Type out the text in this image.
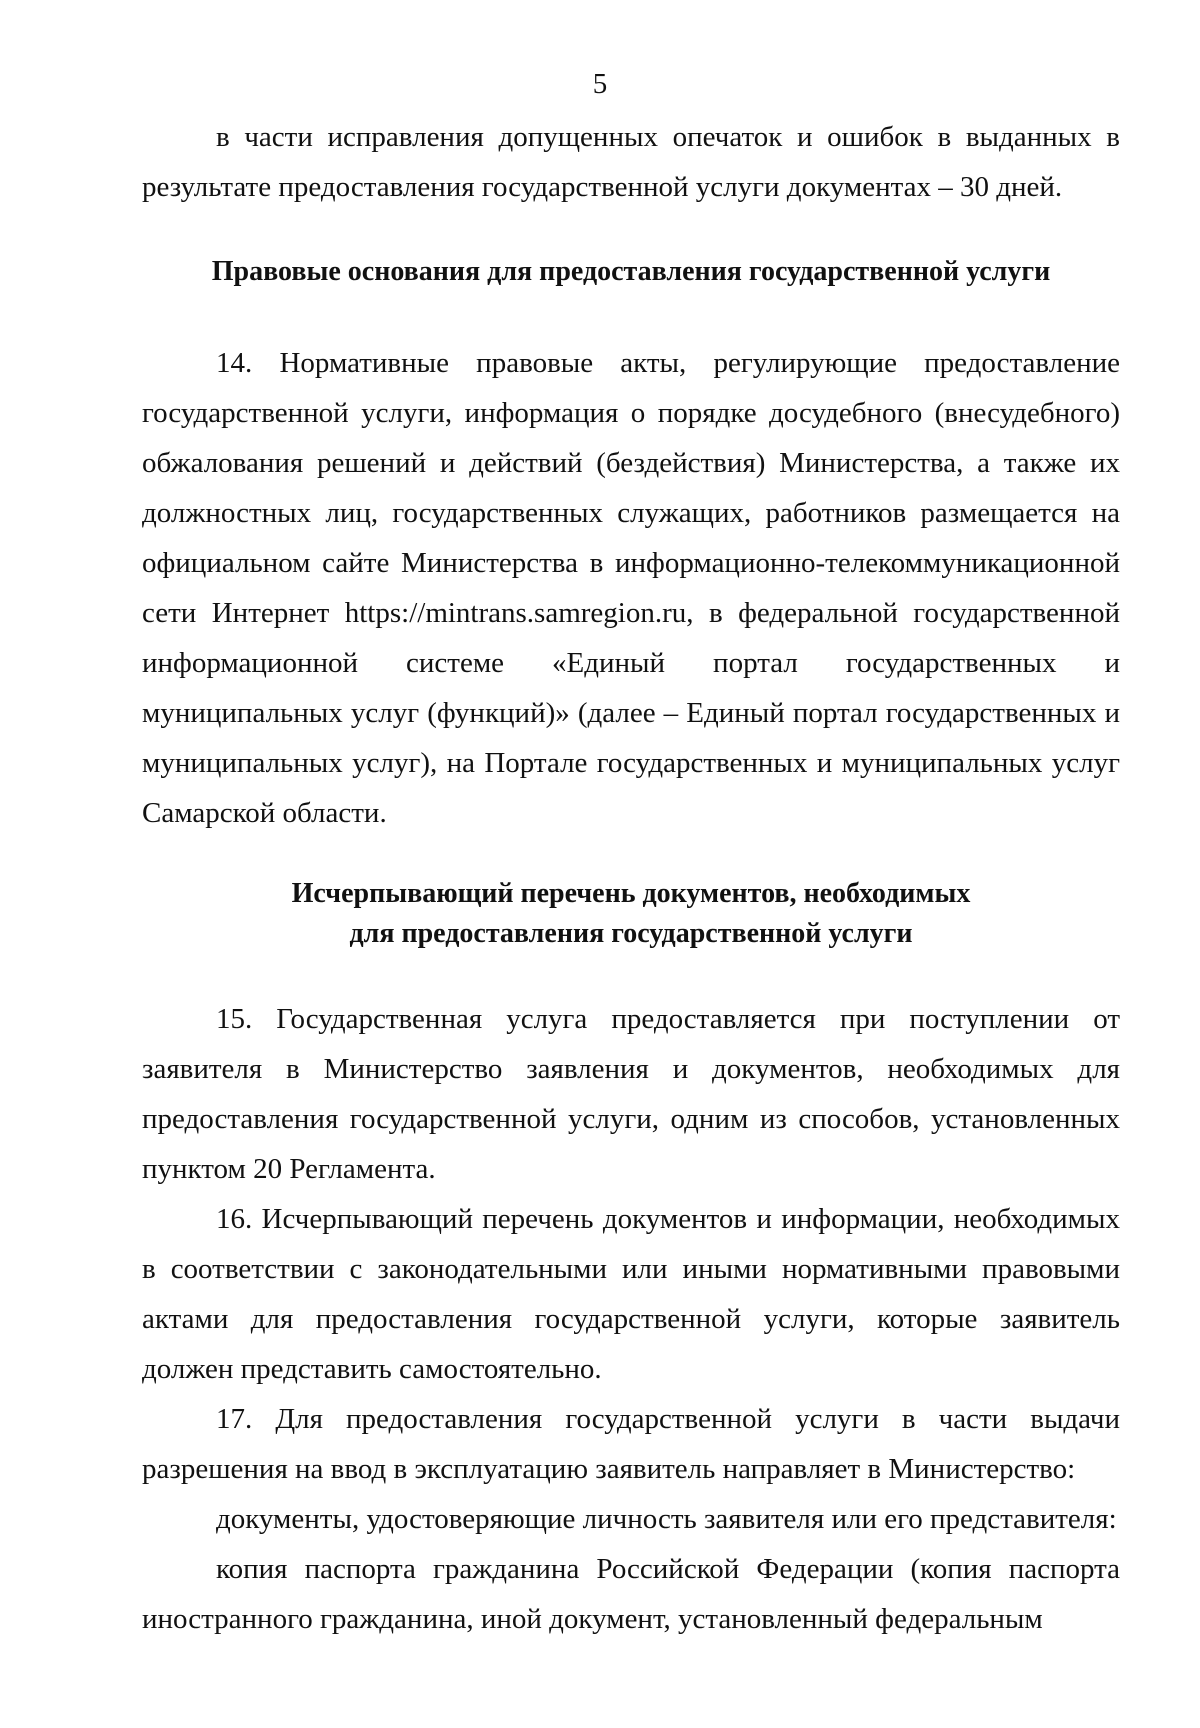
5

в части исправления допущенных опечаток и ошибок в выданных в результате предоставления государственной услуги документах – 30 дней.

Правовые основания для предоставления государственной услуги

14. Нормативные правовые акты, регулирующие предоставление государственной услуги, информация о порядке досудебного (внесудебного) обжалования решений и действий (бездействия) Министерства, а также их должностных лиц, государственных служащих, работников размещается на официальном сайте Министерства в информационно-телекоммуникационной сети Интернет https://mintrans.samregion.ru, в федеральной государственной информационной системе «Единый портал государственных и муниципальных услуг (функций)» (далее – Единый портал государственных и муниципальных услуг), на Портале государственных и муниципальных услуг Самарской области.

Исчерпывающий перечень документов, необходимых
для предоставления государственной услуги

15. Государственная услуга предоставляется при поступлении от заявителя в Министерство заявления и документов, необходимых для предоставления государственной услуги, одним из способов, установленных пунктом 20 Регламента.

16. Исчерпывающий перечень документов и информации, необходимых в соответствии с законодательными или иными нормативными правовыми актами для предоставления государственной услуги, которые заявитель должен представить самостоятельно.

17. Для предоставления государственной услуги в части выдачи разрешения на ввод в эксплуатацию заявитель направляет в Министерство:

документы, удостоверяющие личность заявителя или его представителя:

копия паспорта гражданина Российской Федерации (копия паспорта иностранного гражданина, иной документ, установленный федеральным
